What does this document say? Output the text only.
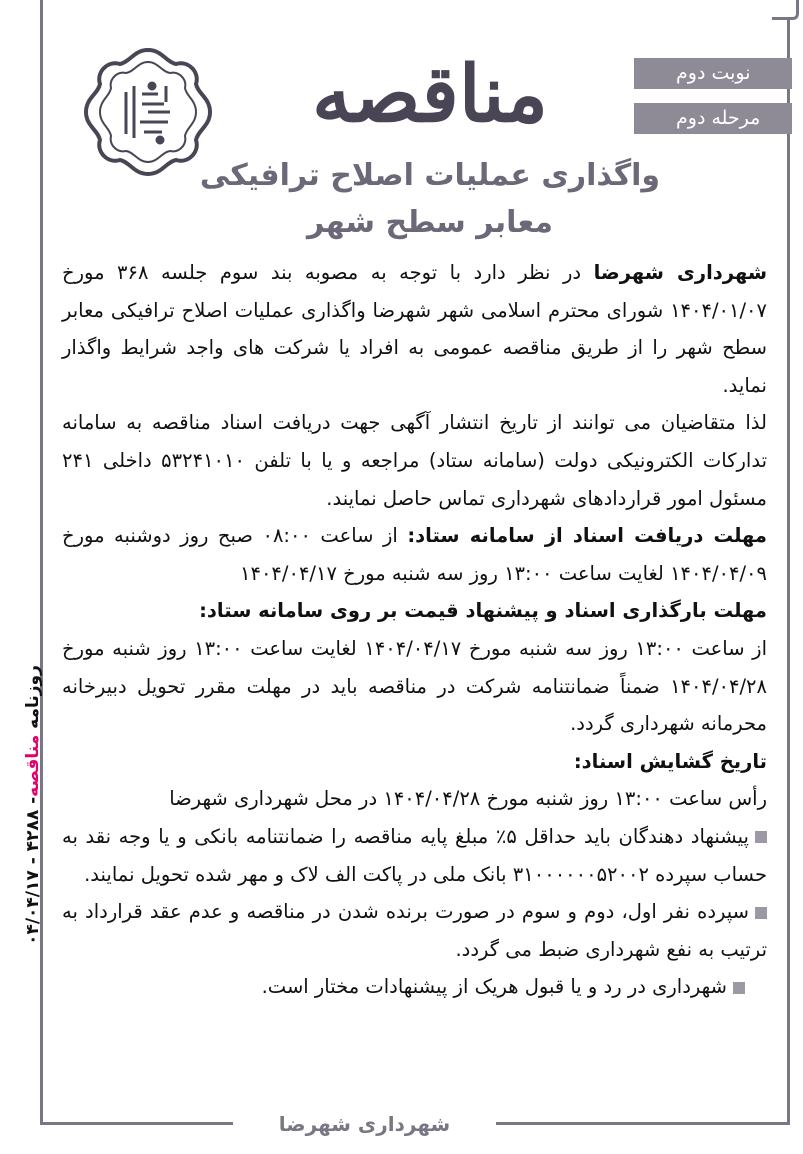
نوبت دوم
مرحله دوم
مناقصه
واگذاری عملیات اصلاح ترافیکی
معابر سطح شهر

شهرداری شهرضا در نظر دارد با توجه به مصوبه بند سوم جلسه ۳۶۸ مورخ ۱۴۰۴/۰۱/۰۷ شورای محترم اسلامی شهر شهرضا واگذاری عملیات اصلاح ترافیکی معابر سطح شهر را از طریق مناقصه عمومی به افراد یا شرکت های واجد شرایط واگذار نماید.

لذا متقاضیان می توانند از تاریخ انتشار آگهی جهت دریافت اسناد مناقصه به سامانه تدارکات الکترونیکی دولت (سامانه ستاد) مراجعه و یا با تلفن ۵۳۲۴۱۰۱۰ داخلی ۲۴۱ مسئول امور قراردادهای شهرداری تماس حاصل نمایند.

مهلت دریافت اسناد از سامانه ستاد: از ساعت ۰۸:۰۰ صبح روز دوشنبه مورخ ۱۴۰۴/۰۴/۰۹ لغایت ساعت ۱۳:۰۰ روز سه شنبه مورخ ۱۴۰۴/۰۴/۱۷

مهلت بارگذاری اسناد و پیشنهاد قیمت بر روی سامانه ستاد:

از ساعت ۱۳:۰۰ روز سه شنبه مورخ ۱۴۰۴/۰۴/۱۷ لغایت ساعت ۱۳:۰۰ روز شنبه مورخ ۱۴۰۴/۰۴/۲۸ ضمناً ضمانتنامه شرکت در مناقصه باید در مهلت مقرر تحویل دبیرخانه محرمانه شهرداری گردد.

تاریخ گشایش اسناد:

رأس ساعت ۱۳:۰۰ روز شنبه مورخ ۱۴۰۴/۰۴/۲۸ در محل شهرداری شهرضا

پیشنهاد دهندگان باید حداقل ۵٪ مبلغ پایه مناقصه را ضمانتنامه بانکی و یا وجه نقد به حساب سپرده ۳۱۰۰۰۰۰۰۵۲۰۰۲ بانک ملی در پاکت الف لاک و مهر شده تحویل نمایند.

سپرده نفر اول، دوم و سوم در صورت برنده شدن در مناقصه و عدم عقد قرارداد به ترتیب به نفع شهرداری ضبط می گردد.

شهرداری در رد و یا قبول هریک از پیشنهادات مختار است.

روزنامه مناقصه- ۴۲۸۸ - ۰۴/۰۴/۱۷
شهرداری شهرضا
